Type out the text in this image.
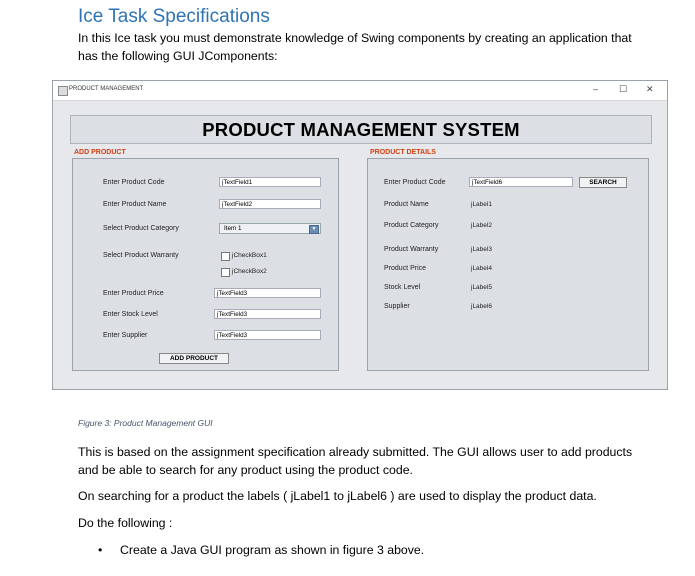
Ice Task Specifications
In this Ice task you must demonstrate knowledge of Swing components by creating an application that has the following GUI JComponents:
PRODUCT MANAGEMENT	– ☐ ✕
PRODUCT MANAGEMENT SYSTEM
ADD PRODUCT
Enter Product Code	jTextField1
Enter Product Name	jTextField2
Select Product Category	Item 1	▼
Select Product Warranty	jCheckBox1
jCheckBox2
Enter Product Price	jTextField3
Enter Stock Level	jTextField3
Enter Supplier	jTextField3
ADD PRODUCT
PRODUCT DETAILS
Enter Product Code	jTextField6	SEARCH
Product Name	jLabel1
Product Category	jLabel2
Product Warranty	jLabel3
Product Price	jLabel4
Stock Level	jLabel5
Supplier	jLabel6
Figure 3: Product Management GUI
This is based on the assignment specification already submitted. The GUI allows user to add products and be able to search for any product using the product code.
On searching for a product the labels ( jLabel1 to jLabel6 ) are used to display the product data.
Do the following :
• Create a Java GUI program as shown in figure 3 above.
